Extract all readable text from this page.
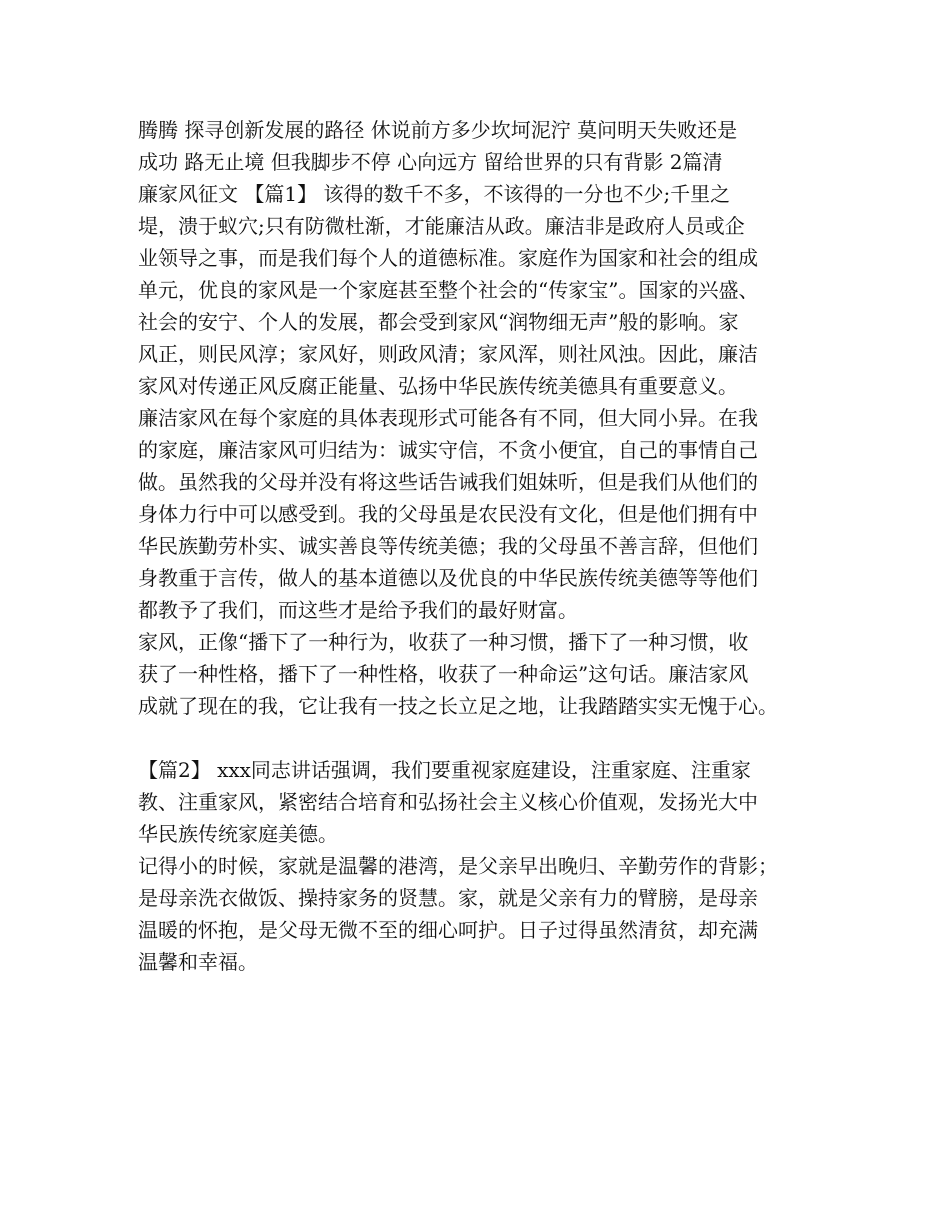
腾腾 探寻创新发展的路径 休说前方多少坎坷泥泞 莫问明天失败还是
成功 路无止境 但我脚步不停 心向远方 留给世界的只有背影 2篇清
廉家风征文 【篇1】 该得的数千不多，不该得的一分也不少;千里之
堤，溃于蚁穴;只有防微杜渐，才能廉洁从政。廉洁非是政府人员或企
业领导之事，而是我们每个人的道德标准。家庭作为国家和社会的组成
单元，优良的家风是一个家庭甚至整个社会的“传家宝”。国家的兴盛、
社会的安宁、个人的发展，都会受到家风“润物细无声”般的影响。家
风正，则民风淳；家风好，则政风清；家风浑，则社风浊。因此，廉洁
家风对传递正风反腐正能量、弘扬中华民族传统美德具有重要意义。
廉洁家风在每个家庭的具体表现形式可能各有不同，但大同小异。在我
的家庭，廉洁家风可归结为：诚实守信，不贪小便宜，自己的事情自己
做。虽然我的父母并没有将这些话告诫我们姐妹听，但是我们从他们的
身体力行中可以感受到。我的父母虽是农民没有文化，但是他们拥有中
华民族勤劳朴实、诚实善良等传统美德；我的父母虽不善言辞，但他们
身教重于言传，做人的基本道德以及优良的中华民族传统美德等等他们
都教予了我们，而这些才是给予我们的最好财富。
家风，正像“播下了一种行为，收获了一种习惯，播下了一种习惯，收
获了一种性格，播下了一种性格，收获了一种命运”这句话。廉洁家风
成就了现在的我，它让我有一技之长立足之地，让我踏踏实实无愧于心。
【篇2】 xxx同志讲话强调，我们要重视家庭建设，注重家庭、注重家
教、注重家风，紧密结合培育和弘扬社会主义核心价值观，发扬光大中
华民族传统家庭美德。
记得小的时候，家就是温馨的港湾，是父亲早出晚归、辛勤劳作的背影；
是母亲洗衣做饭、操持家务的贤慧。家，就是父亲有力的臂膀，是母亲
温暖的怀抱，是父母无微不至的细心呵护。日子过得虽然清贫，却充满
温馨和幸福。
